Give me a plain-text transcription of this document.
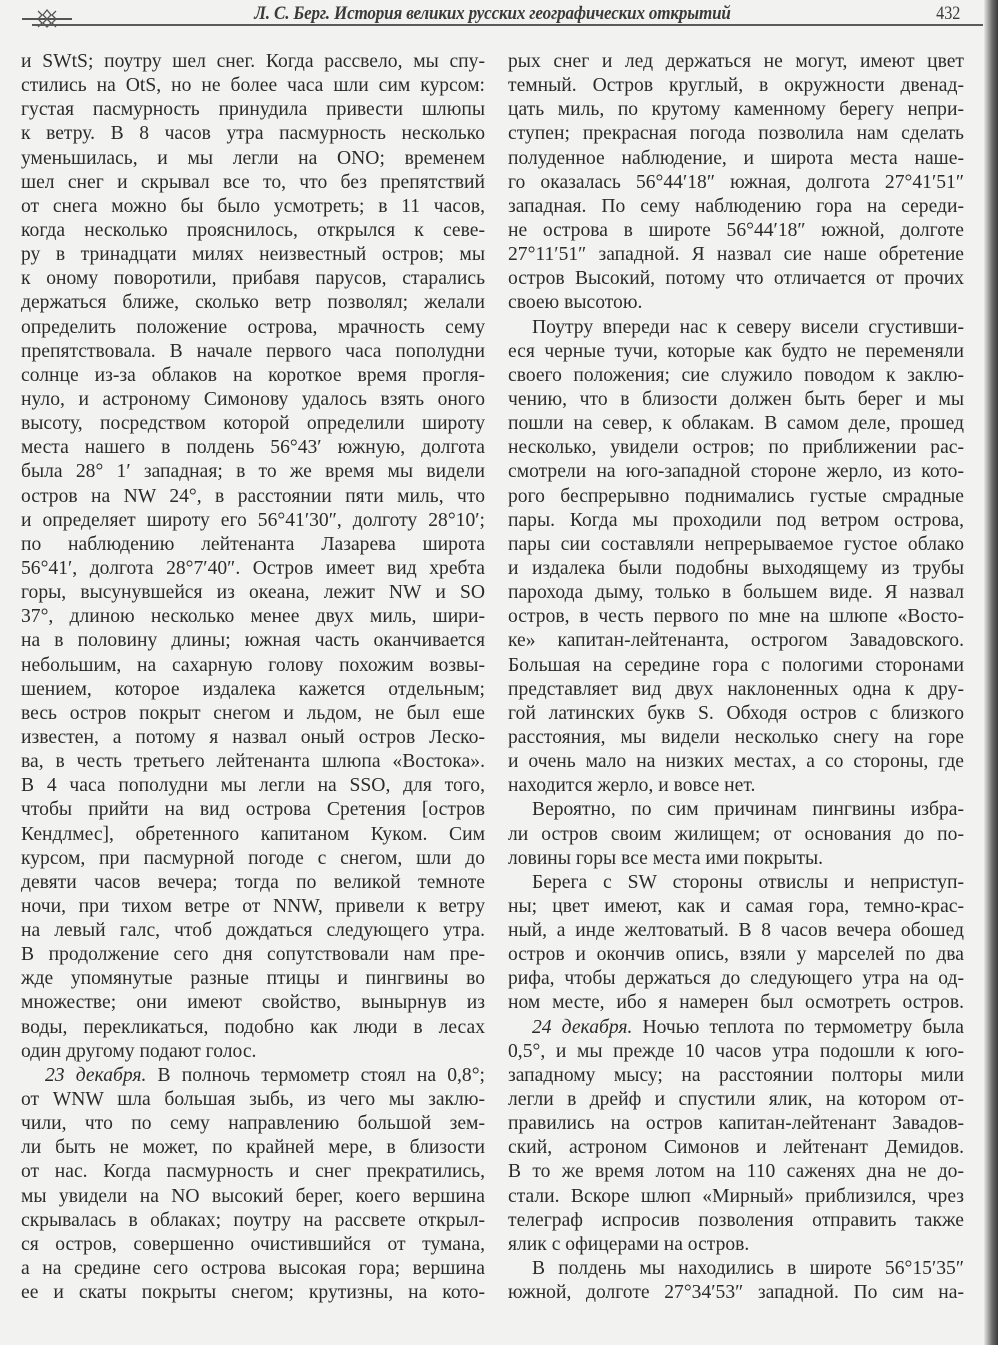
Л. С. Берг. История великих русских географических открытий	432
и SWtS; поутру шел снег. Когда рассвело, мы спу-
стились на OtS, но не более часа шли сим курсом:
густая пасмурность принудила привести шлюпы
к ветру. В 8 часов утра пасмурность несколько
уменьшилась, и мы легли на ONO; временем
шел снег и скрывал все то, что без препятствий
от снега можно бы было усмотреть; в 11 часов,
когда несколько прояснилось, открылся к севе-
ру в тринадцати милях неизвестный остров; мы
к оному поворотили, прибавя парусов, старались
держаться ближе, сколько ветр позволял; желали
определить положение острова, мрачность сему
препятствовала. В начале первого часа пополудни
солнце из-за облаков на короткое время прогля-
нуло, и астроному Симонову удалось взять оного
высоту, посредством которой определили широту
места нашего в полдень 56°43′ южную, долгота
была 28° 1′ западная; в то же время мы видели
остров на NW 24°, в расстоянии пяти миль, что
и определяет широту его 56°41′30″, долготу 28°10′;
по наблюдению лейтенанта Лазарева широта
56°41′, долгота 28°7′40″. Остров имеет вид хребта
горы, высунувшейся из океана, лежит NW и SO
37°, длиною несколько менее двух миль, шири-
на в половину длины; южная часть оканчивается
небольшим, на сахарную голову похожим возвы-
шением, которое издалека кажется отдельным;
весь остров покрыт снегом и льдом, не был еше
известен, а потому я назвал оный остров Леско-
ва, в честь третьего лейтенанта шлюпа «Востока».
В 4 часа пополудни мы легли на SSO, для того,
чтобы прийти на вид острова Сретения [остров
Кендлмес], обретенного капитаном Куком. Сим
курсом, при пасмурной погоде с снегом, шли до
девяти часов вечера; тогда по великой темноте
ночи, при тихом ветре от NNW, привели к ветру
на левый галс, чтоб дождаться следующего утра.
В продолжение сего дня сопутствовали нам пре-
жде упомянутые разные птицы и пингвины во
множестве; они имеют свойство, вынырнув из
воды, перекликаться, подобно как люди в лесах
один другому подают голос.
23 декабря. В полночь термометр стоял на 0,8°;
от WNW шла большая зыбь, из чего мы заклю-
чили, что по сему направлению большой зем-
ли быть не может, по крайней мере, в близости
от нас. Когда пасмурность и снег прекратились,
мы увидели на NO высокий берег, коего вершина
скрывалась в облаках; поутру на рассвете открыл-
ся остров, совершенно очистившийся от тумана,
а на средине сего острова высокая гора; вершина
ее и скаты покрыты снегом; крутизны, на кото-
рых снег и лед держаться не могут, имеют цвет
темный. Остров круглый, в окружности двенад-
цать миль, по крутому каменному берегу непри-
ступен; прекрасная погода позволила нам сделать
полуденное наблюдение, и широта места наше-
го оказалась 56°44′18″ южная, долгота 27°41′51″
западная. По сему наблюдению гора на середи-
не острова в широте 56°44′18″ южной, долготе
27°11′51″ западной. Я назвал сие наше обретение
остров Высокий, потому что отличается от прочих
своею высотою.
Поутру впереди нас к северу висели сгустивши-
еся черные тучи, которые как будто не переменяли
своего положения; сие служило поводом к заклю-
чению, что в близости должен быть берег и мы
пошли на север, к облакам. В самом деле, прошед
несколько, увидели остров; по приближении рас-
смотрели на юго-западной стороне жерло, из кото-
рого беспрерывно поднимались густые смрадные
пары. Когда мы проходили под ветром острова,
пары сии составляли непрерываемое густое облако
и издалека были подобны выходящему из трубы
парохода дыму, только в большем виде. Я назвал
остров, в честь первого по мне на шлюпе «Восто-
ке» капитан-лейтенанта, острогом Завадовского.
Большая на середине гора с пологими сторонами
представляет вид двух наклоненных одна к дру-
гой латинских букв S. Обходя остров с близкого
расстояния, мы видели несколько снегу на горе
и очень мало на низких местах, а со стороны, где
находится жерло, и вовсе нет.
Вероятно, по сим причинам пингвины избра-
ли остров своим жилищем; от основания до по-
ловины горы все места ими покрыты.
Берега с SW стороны отвислы и неприступ-
ны; цвет имеют, как и самая гора, темно-крас-
ный, а инде желтоватый. В 8 часов вечера обошед
остров и окончив опись, взяли у марселей по два
рифа, чтобы держаться до следующего утра на од-
ном месте, ибо я намерен был осмотреть остров.
24 декабря. Ночью теплота по термометру была
0,5°, и мы прежде 10 часов утра подошли к юго-
западному мысу; на расстоянии полторы мили
легли в дрейф и спустили ялик, на котором от-
правились на остров капитан-лейтенант Завадов-
ский, астроном Симонов и лейтенант Демидов.
В то же время лотом на 110 саженях дна не до-
стали. Вскоре шлюп «Мирный» приблизился, чрез
телеграф испросив позволения отправить также
ялик с офицерами на остров.
В полдень мы находились в широте 56°15′35″
южной, долготе 27°34′53″ западной. По сим на-
